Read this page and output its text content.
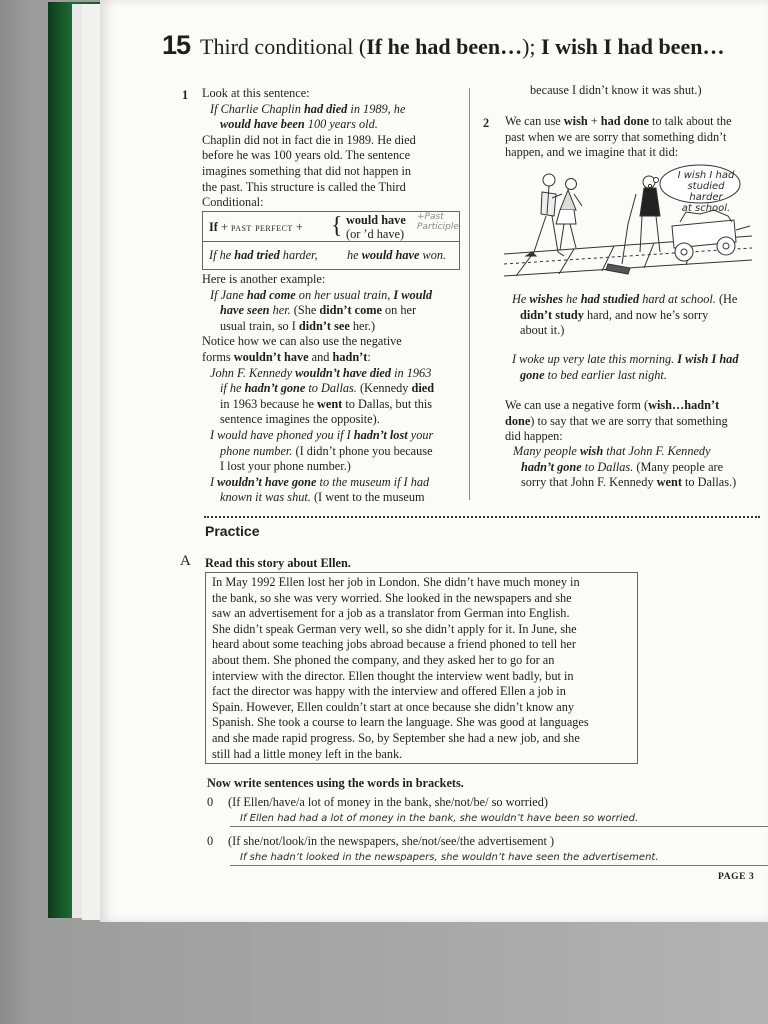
15 Third conditional (If he had been…); I wish I had been…
1 Look at this sentence:
If Charlie Chaplin had died in 1989, he
would have been 100 years old.
Chaplin did not in fact die in 1989. He died
before he was 100 years old. The sentence
imagines something that did not happen in
the past. This structure is called the Third
Conditional:
If + past perfect + { would have
(or ’d have)
+Past
Participle
If he had tried harder, he would have won.
Here is another example:
If Jane had come on her usual train, I would
have seen her. (She didn’t come on her
usual train, so I didn’t see her.)
Notice how we can also use the negative
forms wouldn’t have and hadn’t:
John F. Kennedy wouldn’t have died in 1963
if he hadn’t gone to Dallas. (Kennedy died
in 1963 because he went to Dallas, but this
sentence imagines the opposite).
I would have phoned you if I hadn’t lost your
phone number. (I didn’t phone you because
I lost your phone number.)
I wouldn’t have gone to the museum if I had
known it was shut. (I went to the museum
because I didn’t know it was shut.)
2 We can use wish + had done to talk about the
past when we are sorry that something didn’t
happen, and we imagine that it did:
I wish I had
studied harder
at school.
He wishes he had studied hard at school. (He
didn’t study hard, and now he’s sorry
about it.)
I woke up very late this morning. I wish I had
gone to bed earlier last night.
We can use a negative form (wish…hadn’t
done) to say that we are sorry that something
did happen:
Many people wish that John F. Kennedy
hadn’t gone to Dallas. (Many people are
sorry that John F. Kennedy went to Dallas.)
Practice
A Read this story about Ellen.
In May 1992 Ellen lost her job in London. She didn’t have much money in
the bank, so she was very worried. She looked in the newspapers and she
saw an advertisement for a job as a translator from German into English.
She didn’t speak German very well, so she didn’t apply for it. In June, she
heard about some teaching jobs abroad because a friend phoned to tell her
about them. She phoned the company, and they asked her to go for an
interview with the director. Ellen thought the interview went badly, but in
fact the director was happy with the interview and offered Ellen a job in
Spain. However, Ellen couldn’t start at once because she didn’t know any
Spanish. She took a course to learn the language. She was good at languages
and she made rapid progress. So, by September she had a new job, and she
still had a little money left in the bank.
Now write sentences using the words in brackets.
0 (If Ellen/have/a lot of money in the bank, she/not/be/ so worried)
If Ellen had had a lot of money in the bank, she wouldn’t have been so worried.
0 (If she/not/look/in the newspapers, she/not/see/the advertisement )
If she hadn’t looked in the newspapers, she wouldn’t have seen the advertisement.
PAGE 3
